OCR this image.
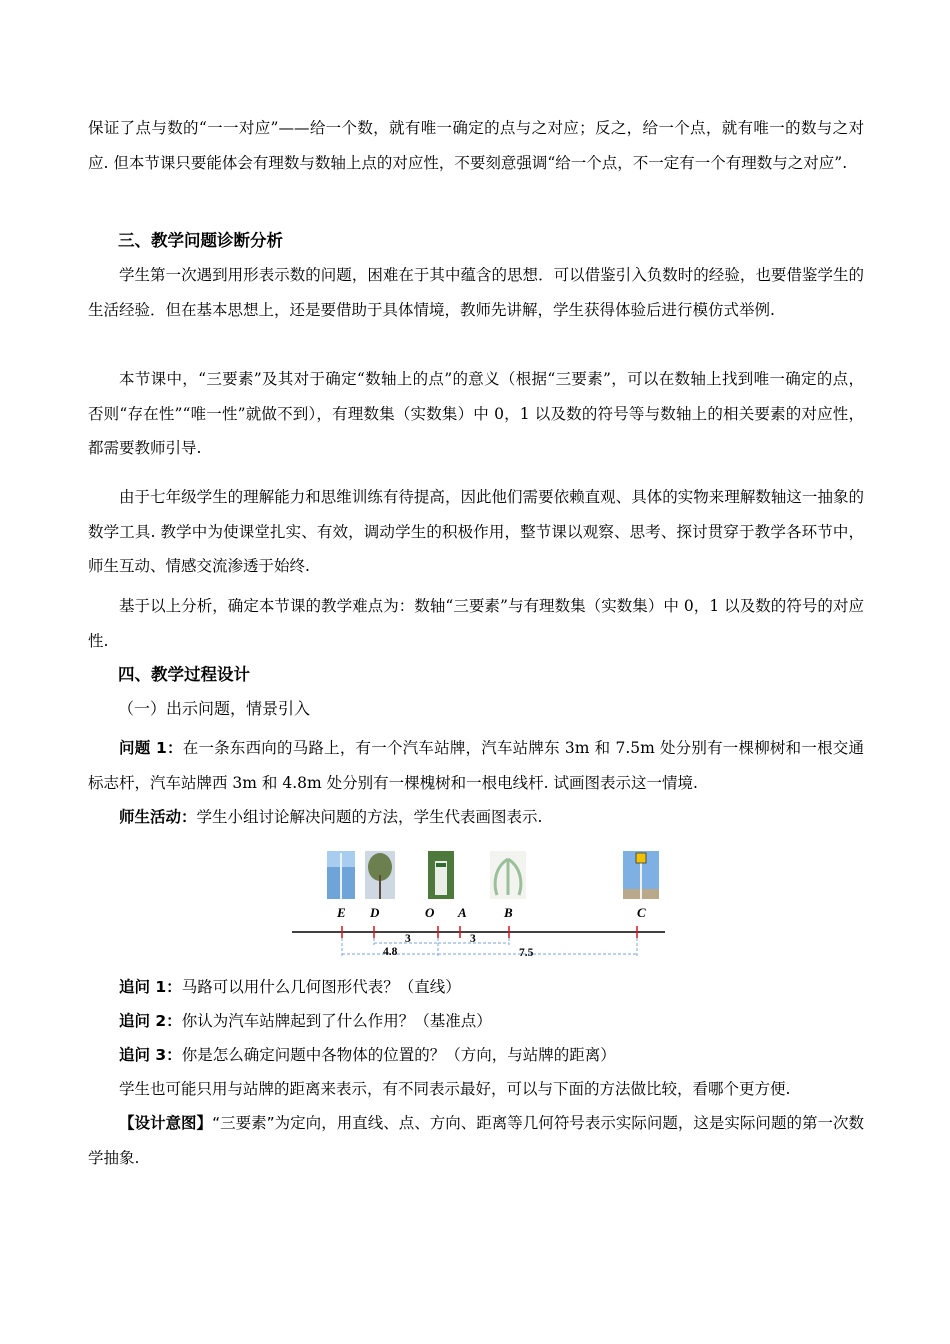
保证了点与数的“一一对应”——给一个数，就有唯一确定的点与之对应；反之，给一个点，就有唯一的数与之对应. 但本节课只要能体会有理数与数轴上点的对应性，不要刻意强调“给一个点，不一定有一个有理数与之对应”.

三、教学问题诊断分析

学生第一次遇到用形表示数的问题，困难在于其中蕴含的思想．可以借鉴引入负数时的经验，也要借鉴学生的生活经验．但在基本思想上，还是要借助于具体情境，教师先讲解，学生获得体验后进行模仿式举例.

本节课中，“三要素”及其对于确定“数轴上的点”的意义（根据“三要素”，可以在数轴上找到唯一确定的点，否则“存在性”“唯一性”就做不到），有理数集（实数集）中 0，1 以及数的符号等与数轴上的相关要素的对应性，都需要教师引导.

由于七年级学生的理解能力和思维训练有待提高，因此他们需要依赖直观、具体的实物来理解数轴这一抽象的数学工具. 教学中为使课堂扎实、有效，调动学生的积极作用，整节课以观察、思考、探讨贯穿于教学各环节中，师生互动、情感交流渗透于始终.

基于以上分析，确定本节课的教学难点为：数轴“三要素”与有理数集（实数集）中 0，1 以及数的符号的对应性.

四、教学过程设计

（一）出示问题，情景引入

问题 1：在一条东西向的马路上，有一个汽车站牌，汽车站牌东 3m 和 7.5m 处分别有一棵柳树和一根交通标志杆，汽车站牌西 3m 和 4.8m 处分别有一棵槐树和一根电线杆. 试画图表示这一情境.

师生活动：学生小组讨论解决问题的方法，学生代表画图表示.

E D	O A	B	C
3	3
4.8	7.5

追问 1：马路可以用什么几何图形代表？（直线）

追问 2：你认为汽车站牌起到了什么作用？（基准点）

追问 3：你是怎么确定问题中各物体的位置的？（方向，与站牌的距离）

学生也可能只用与站牌的距离来表示，有不同表示最好，可以与下面的方法做比较，看哪个更方便.

【设计意图】“三要素”为定向，用直线、点、方向、距离等几何符号表示实际问题，这是实际问题的第一次数学抽象.
